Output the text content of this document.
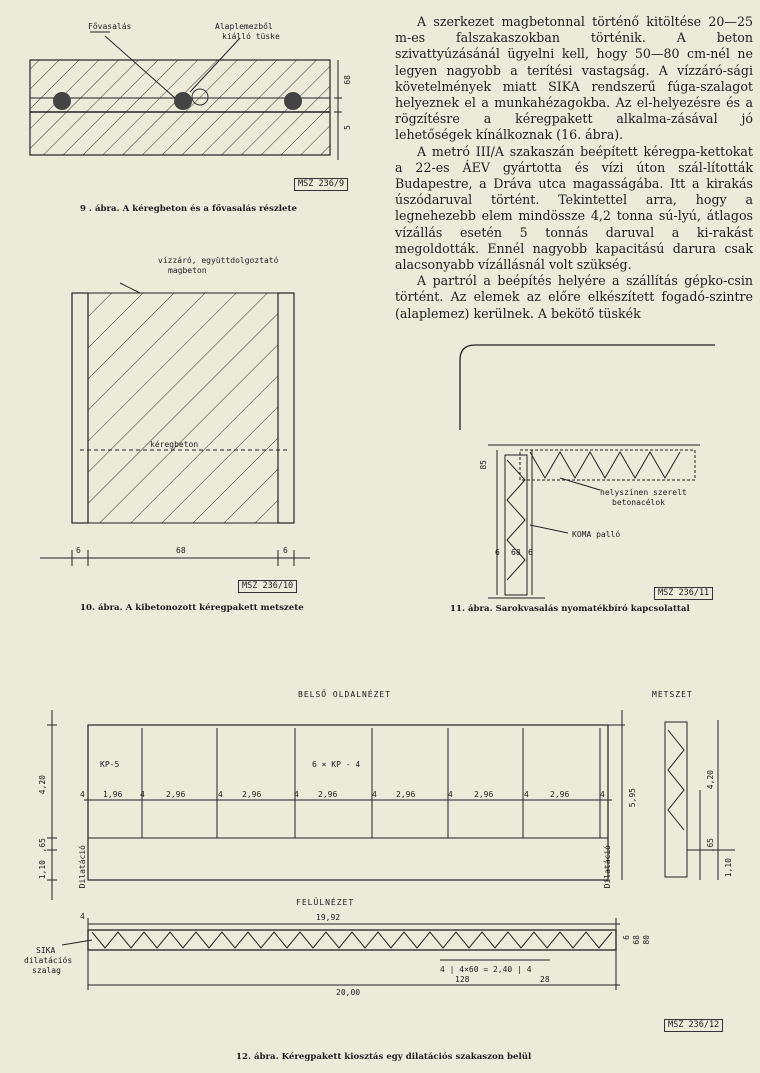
A szerkezet magbetonnal történő kitöltése 20—25 m-es falszakaszokban történik. A beton szivattyúzásánál ügyelni kell, hogy 50—80 cm-nél ne legyen nagyobb a terítési vastagság. A vízzáró-sági követelmények miatt SIKA rendszerű fúga-szalagot helyeznek el a munkahézagokba. Az el-helyezésre és a rögzítésre a kéregpakett alkalma-zásával jó lehetőségek kínálkoznak (16. ábra).

A metró III/A szakaszán beépített kéregpa-kettokat a 22-es ÁEV gyártotta és vízi úton szál-lították Budapestre, a Dráva utca magasságába. Itt a kirakás úszódaruval történt. Tekintettel arra, hogy a legnehezebb elem mindössze 4,2 tonna sú-lyú, átlagos vízállás esetén 5 tonnás daruval a ki-rakást megoldották. Ennél nagyobb kapacitású darura csak alacsonyabb vízállásnál volt szükség.

A partról a beépítés helyére a szállítás gépko-csin történt. Az elemek az előre elkészített fogadó-szintre (alaplemez) kerülnek. A bekötő tüskék

Fővasalás	Alaplemezből
kiálló tüske
68
5
MSZ 236/9
9 . ábra. A kéregbeton és a fővasalás részlete
vízzáró, együttdolgoztató
magbeton
kéregbeton
6	68	6
MSZ 236/10
10. ábra. A kibetonozott kéregpakett metszete
85
helyszínen szerelt
betonacélok
KOMA palló
6 68 6
MSZ 236/11
11. ábra. Sarokvasalás nyomatékbíró kapcsolattal
BELSŐ OLDALNÉZET	METSZET
KP-5	6 × KP - 4
4 1,96 4	2,96	4 2,96	4 2,96	4 2,96	4	2,96	4	2,96	4
4,20
,65
1,10	Dilatáció	Dilatáció
5,95
4,20
,65
1,10
FELÜLNÉZET
4	19,92
SIKA
dilatációs
szalag	4 | 4×60 = 2,40 | 4
128	28
20,00
6 68 80
MSZ 236/12
12. ábra. Kéregpakett kiosztás egy dilatációs szakaszon belül
